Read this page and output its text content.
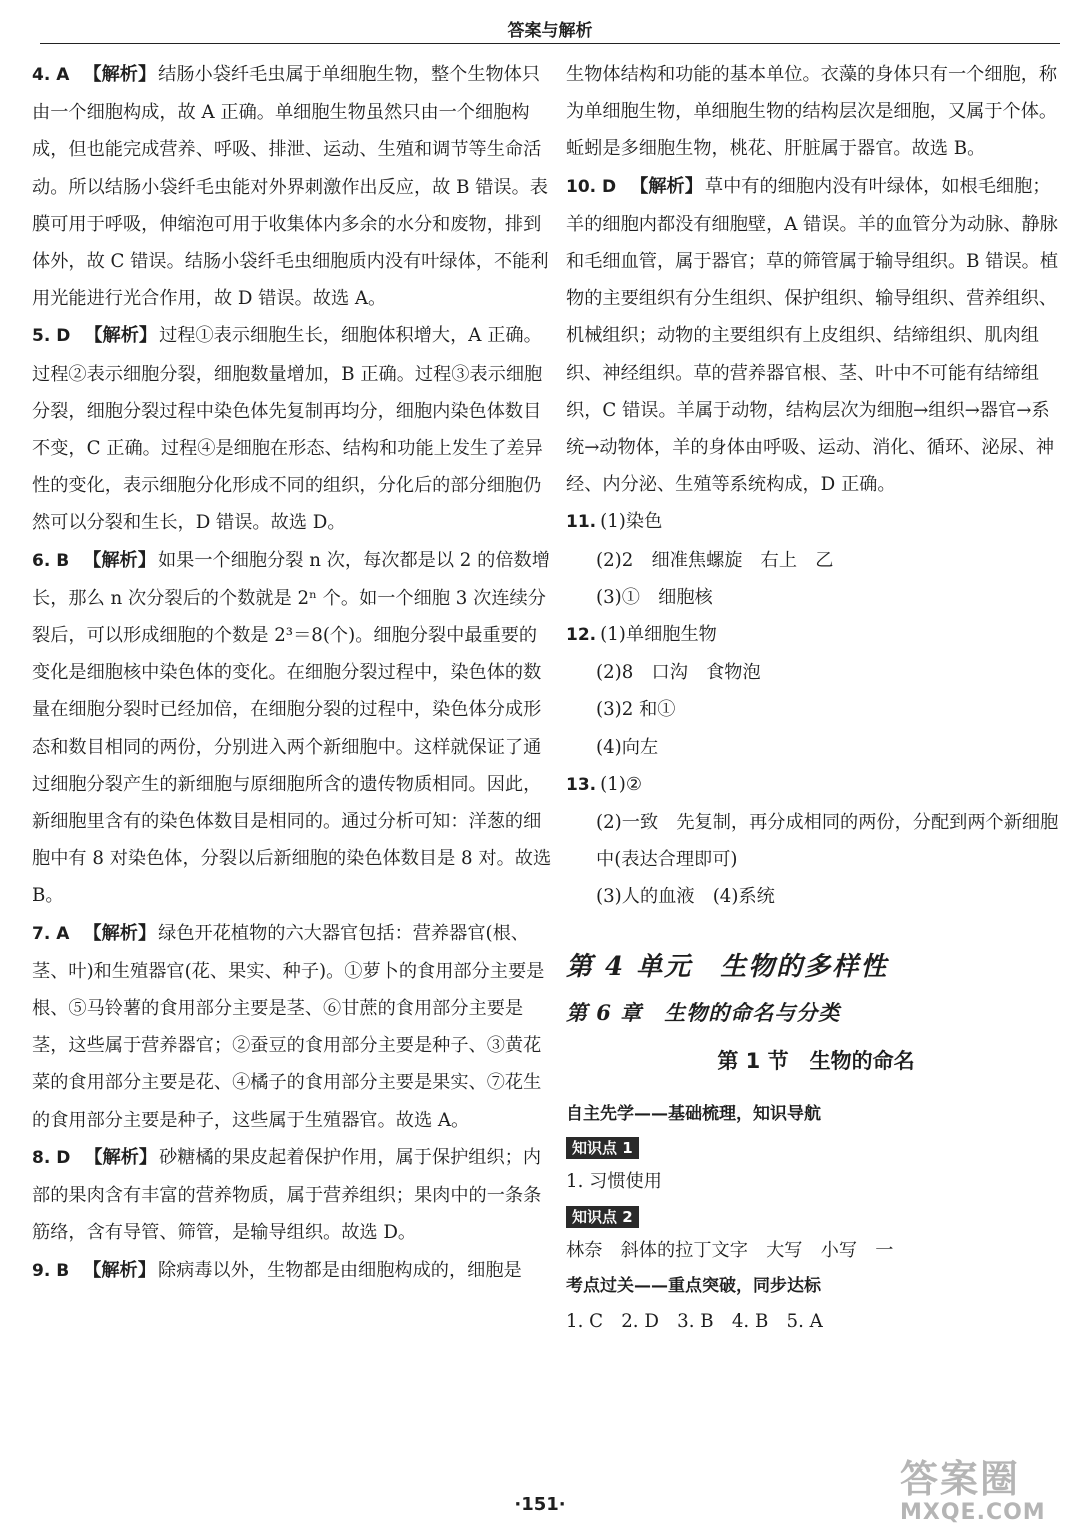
答案与解析

4. A 【解析】 结肠小袋纤毛虫属于单细胞生物，整个生物体只由一个细胞构成，故 A 正确。单细胞生物虽然只由一个细胞构成，但也能完成营养、呼吸、排泄、运动、生殖和调节等生命活动。所以结肠小袋纤毛虫能对外界刺激作出反应，故 B 错误。表膜可用于呼吸，伸缩泡可用于收集体内多余的水分和废物，排到体外，故 C 错误。结肠小袋纤毛虫细胞质内没有叶绿体，不能利用光能进行光合作用，故 D 错误。故选 A。

5. D 【解析】 过程①表示细胞生长，细胞体积增大，A 正确。过程②表示细胞分裂，细胞数量增加，B 正确。过程③表示细胞分裂，细胞分裂过程中染色体先复制再均分，细胞内染色体数目不变，C 正确。过程④是细胞在形态、结构和功能上发生了差异性的变化，表示细胞分化形成不同的组织，分化后的部分细胞仍然可以分裂和生长，D 错误。故选 D。

6. B 【解析】 如果一个细胞分裂 n 次，每次都是以 2 的倍数增长，那么 n 次分裂后的个数就是 2ⁿ 个。如一个细胞 3 次连续分裂后，可以形成细胞的个数是 2³＝8(个)。细胞分裂中最重要的变化是细胞核中染色体的变化。在细胞分裂过程中，染色体的数量在细胞分裂时已经加倍，在细胞分裂的过程中，染色体分成形态和数目相同的两份，分别进入两个新细胞中。这样就保证了通过细胞分裂产生的新细胞与原细胞所含的遗传物质相同。因此，新细胞里含有的染色体数目是相同的。通过分析可知：洋葱的细胞中有 8 对染色体，分裂以后新细胞的染色体数目是 8 对。故选 B。

7. A 【解析】 绿色开花植物的六大器官包括：营养器官(根、茎、叶)和生殖器官(花、果实、种子)。①萝卜的食用部分主要是根、⑤马铃薯的食用部分主要是茎、⑥甘蔗的食用部分主要是茎，这些属于营养器官；②蚕豆的食用部分主要是种子、③黄花菜的食用部分主要是花、④橘子的食用部分主要是果实、⑦花生的食用部分主要是种子，这些属于生殖器官。故选 A。

8. D 【解析】 砂糖橘的果皮起着保护作用，属于保护组织；内部的果肉含有丰富的营养物质，属于营养组织；果肉中的一条条筋络，含有导管、筛管，是输导组织。故选 D。

9. B 【解析】 除病毒以外，生物都是由细胞构成的，细胞是

生物体结构和功能的基本单位。衣藻的身体只有一个细胞，称为单细胞生物，单细胞生物的结构层次是细胞，又属于个体。蚯蚓是多细胞生物，桃花、肝脏属于器官。故选 B。

10. D 【解析】 草中有的细胞内没有叶绿体，如根毛细胞；羊的细胞内都没有细胞壁，A 错误。羊的血管分为动脉、静脉和毛细血管，属于器官；草的筛管属于输导组织。B 错误。植物的主要组织有分生组织、保护组织、输导组织、营养组织、机械组织；动物的主要组织有上皮组织、结缔组织、肌肉组织、神经组织。草的营养器官根、茎、叶中不可能有结缔组织，C 错误。羊属于动物，结构层次为细胞→组织→器官→系统→动物体，羊的身体由呼吸、运动、消化、循环、泌尿、神经、内分泌、生殖等系统构成，D 正确。

11. (1)染色

(2)2　细准焦螺旋　右上　乙

(3)①　细胞核

12. (1)单细胞生物

(2)8　口沟　食物泡

(3)2 和①

(4)向左

13. (1)②

(2)一致　先复制，再分成相同的两份，分配到两个新细胞中(表达合理即可)

(3)人的血液　(4)系统

第 4 单元　生物的多样性
第 6 章　生物的命名与分类
第 1 节　生物的命名

自主先学——基础梳理，知识导航

知识点 1

1. 习惯使用

知识点 2

林奈　斜体的拉丁文字　大写　小写　一

考点过关——重点突破，同步达标

1. C　2. D　3. B　4. B　5. A

·151·
答案圈
MXQE.COM
